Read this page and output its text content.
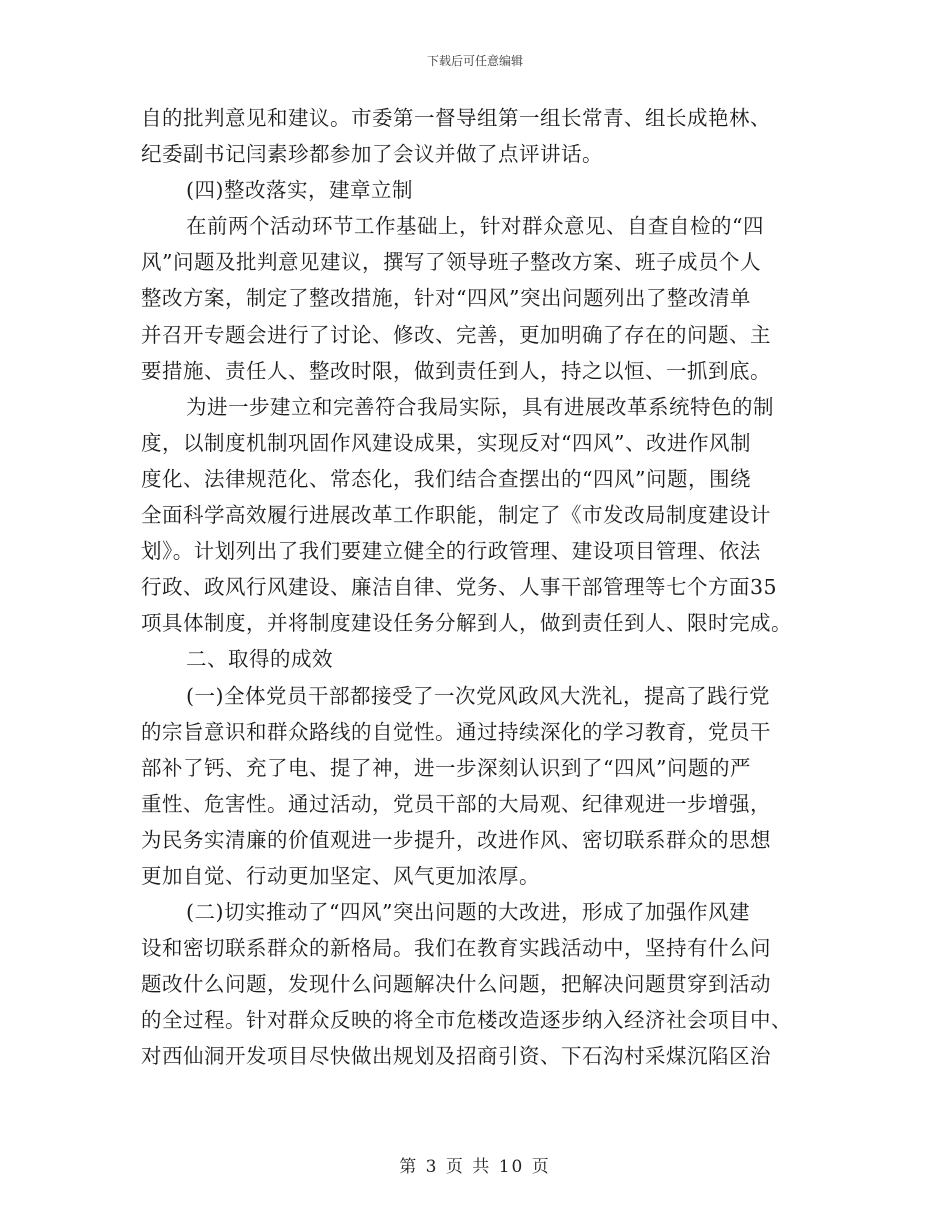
下载后可任意编辑
自的批判意见和建议。市委第一督导组第一组长常青、组长成艳林、
纪委副书记闫素珍都参加了会议并做了点评讲话。
(四)整改落实，建章立制
在前两个活动环节工作基础上，针对群众意见、自查自检的“四
风”问题及批判意见建议，撰写了领导班子整改方案、班子成员个人
整改方案，制定了整改措施，针对“四风”突出问题列出了整改清单
并召开专题会进行了讨论、修改、完善，更加明确了存在的问题、主
要措施、责任人、整改时限，做到责任到人，持之以恒、一抓到底。
为进一步建立和完善符合我局实际，具有进展改革系统特色的制
度，以制度机制巩固作风建设成果，实现反对“四风”、改进作风制
度化、法律规范化、常态化，我们结合查摆出的“四风”问题，围绕
全面科学高效履行进展改革工作职能，制定了《市发改局制度建设计
划》。计划列出了我们要建立健全的行政管理、建设项目管理、依法
行政、政风行风建设、廉洁自律、党务、人事干部管理等七个方面35
项具体制度，并将制度建设任务分解到人，做到责任到人、限时完成。
二、取得的成效
(一)全体党员干部都接受了一次党风政风大洗礼，提高了践行党
的宗旨意识和群众路线的自觉性。通过持续深化的学习教育，党员干
部补了钙、充了电、提了神，进一步深刻认识到了“四风”问题的严
重性、危害性。通过活动，党员干部的大局观、纪律观进一步增强，
为民务实清廉的价值观进一步提升，改进作风、密切联系群众的思想
更加自觉、行动更加坚定、风气更加浓厚。
(二)切实推动了“四风”突出问题的大改进，形成了加强作风建
设和密切联系群众的新格局。我们在教育实践活动中，坚持有什么问
题改什么问题，发现什么问题解决什么问题，把解决问题贯穿到活动
的全过程。针对群众反映的将全市危楼改造逐步纳入经济社会项目中、
对西仙洞开发项目尽快做出规划及招商引资、下石沟村采煤沉陷区治
第 3 页 共 10 页
